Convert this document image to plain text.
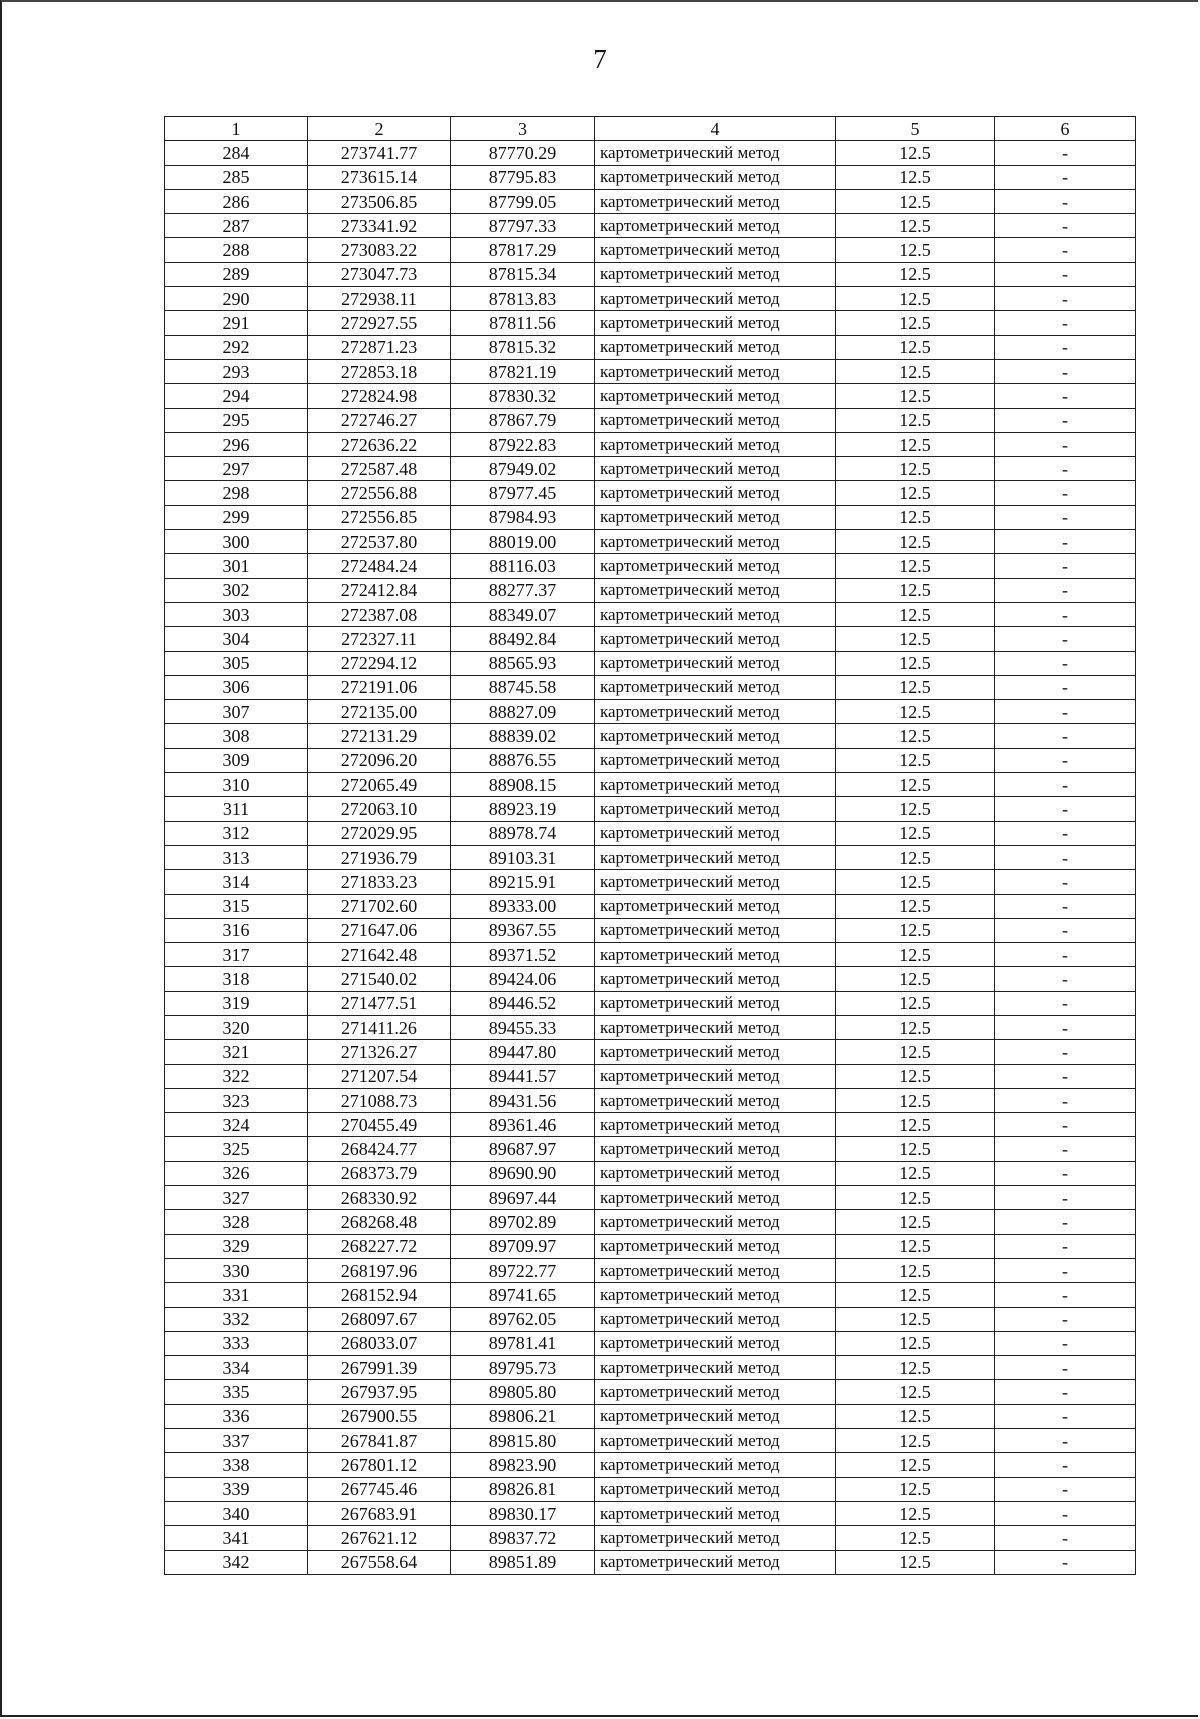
7
1	2	3	4	5	6
284	273741.77	87770.29	картометрический метод	12.5	-
285	273615.14	87795.83	картометрический метод	12.5	-
286	273506.85	87799.05	картометрический метод	12.5	-
287	273341.92	87797.33	картометрический метод	12.5	-
288	273083.22	87817.29	картометрический метод	12.5	-
289	273047.73	87815.34	картометрический метод	12.5	-
290	272938.11	87813.83	картометрический метод	12.5	-
291	272927.55	87811.56	картометрический метод	12.5	-
292	272871.23	87815.32	картометрический метод	12.5	-
293	272853.18	87821.19	картометрический метод	12.5	-
294	272824.98	87830.32	картометрический метод	12.5	-
295	272746.27	87867.79	картометрический метод	12.5	-
296	272636.22	87922.83	картометрический метод	12.5	-
297	272587.48	87949.02	картометрический метод	12.5	-
298	272556.88	87977.45	картометрический метод	12.5	-
299	272556.85	87984.93	картометрический метод	12.5	-
300	272537.80	88019.00	картометрический метод	12.5	-
301	272484.24	88116.03	картометрический метод	12.5	-
302	272412.84	88277.37	картометрический метод	12.5	-
303	272387.08	88349.07	картометрический метод	12.5	-
304	272327.11	88492.84	картометрический метод	12.5	-
305	272294.12	88565.93	картометрический метод	12.5	-
306	272191.06	88745.58	картометрический метод	12.5	-
307	272135.00	88827.09	картометрический метод	12.5	-
308	272131.29	88839.02	картометрический метод	12.5	-
309	272096.20	88876.55	картометрический метод	12.5	-
310	272065.49	88908.15	картометрический метод	12.5	-
311	272063.10	88923.19	картометрический метод	12.5	-
312	272029.95	88978.74	картометрический метод	12.5	-
313	271936.79	89103.31	картометрический метод	12.5	-
314	271833.23	89215.91	картометрический метод	12.5	-
315	271702.60	89333.00	картометрический метод	12.5	-
316	271647.06	89367.55	картометрический метод	12.5	-
317	271642.48	89371.52	картометрический метод	12.5	-
318	271540.02	89424.06	картометрический метод	12.5	-
319	271477.51	89446.52	картометрический метод	12.5	-
320	271411.26	89455.33	картометрический метод	12.5	-
321	271326.27	89447.80	картометрический метод	12.5	-
322	271207.54	89441.57	картометрический метод	12.5	-
323	271088.73	89431.56	картометрический метод	12.5	-
324	270455.49	89361.46	картометрический метод	12.5	-
325	268424.77	89687.97	картометрический метод	12.5	-
326	268373.79	89690.90	картометрический метод	12.5	-
327	268330.92	89697.44	картометрический метод	12.5	-
328	268268.48	89702.89	картометрический метод	12.5	-
329	268227.72	89709.97	картометрический метод	12.5	-
330	268197.96	89722.77	картометрический метод	12.5	-
331	268152.94	89741.65	картометрический метод	12.5	-
332	268097.67	89762.05	картометрический метод	12.5	-
333	268033.07	89781.41	картометрический метод	12.5	-
334	267991.39	89795.73	картометрический метод	12.5	-
335	267937.95	89805.80	картометрический метод	12.5	-
336	267900.55	89806.21	картометрический метод	12.5	-
337	267841.87	89815.80	картометрический метод	12.5	-
338	267801.12	89823.90	картометрический метод	12.5	-
339	267745.46	89826.81	картометрический метод	12.5	-
340	267683.91	89830.17	картометрический метод	12.5	-
341	267621.12	89837.72	картометрический метод	12.5	-
342	267558.64	89851.89	картометрический метод	12.5	-
